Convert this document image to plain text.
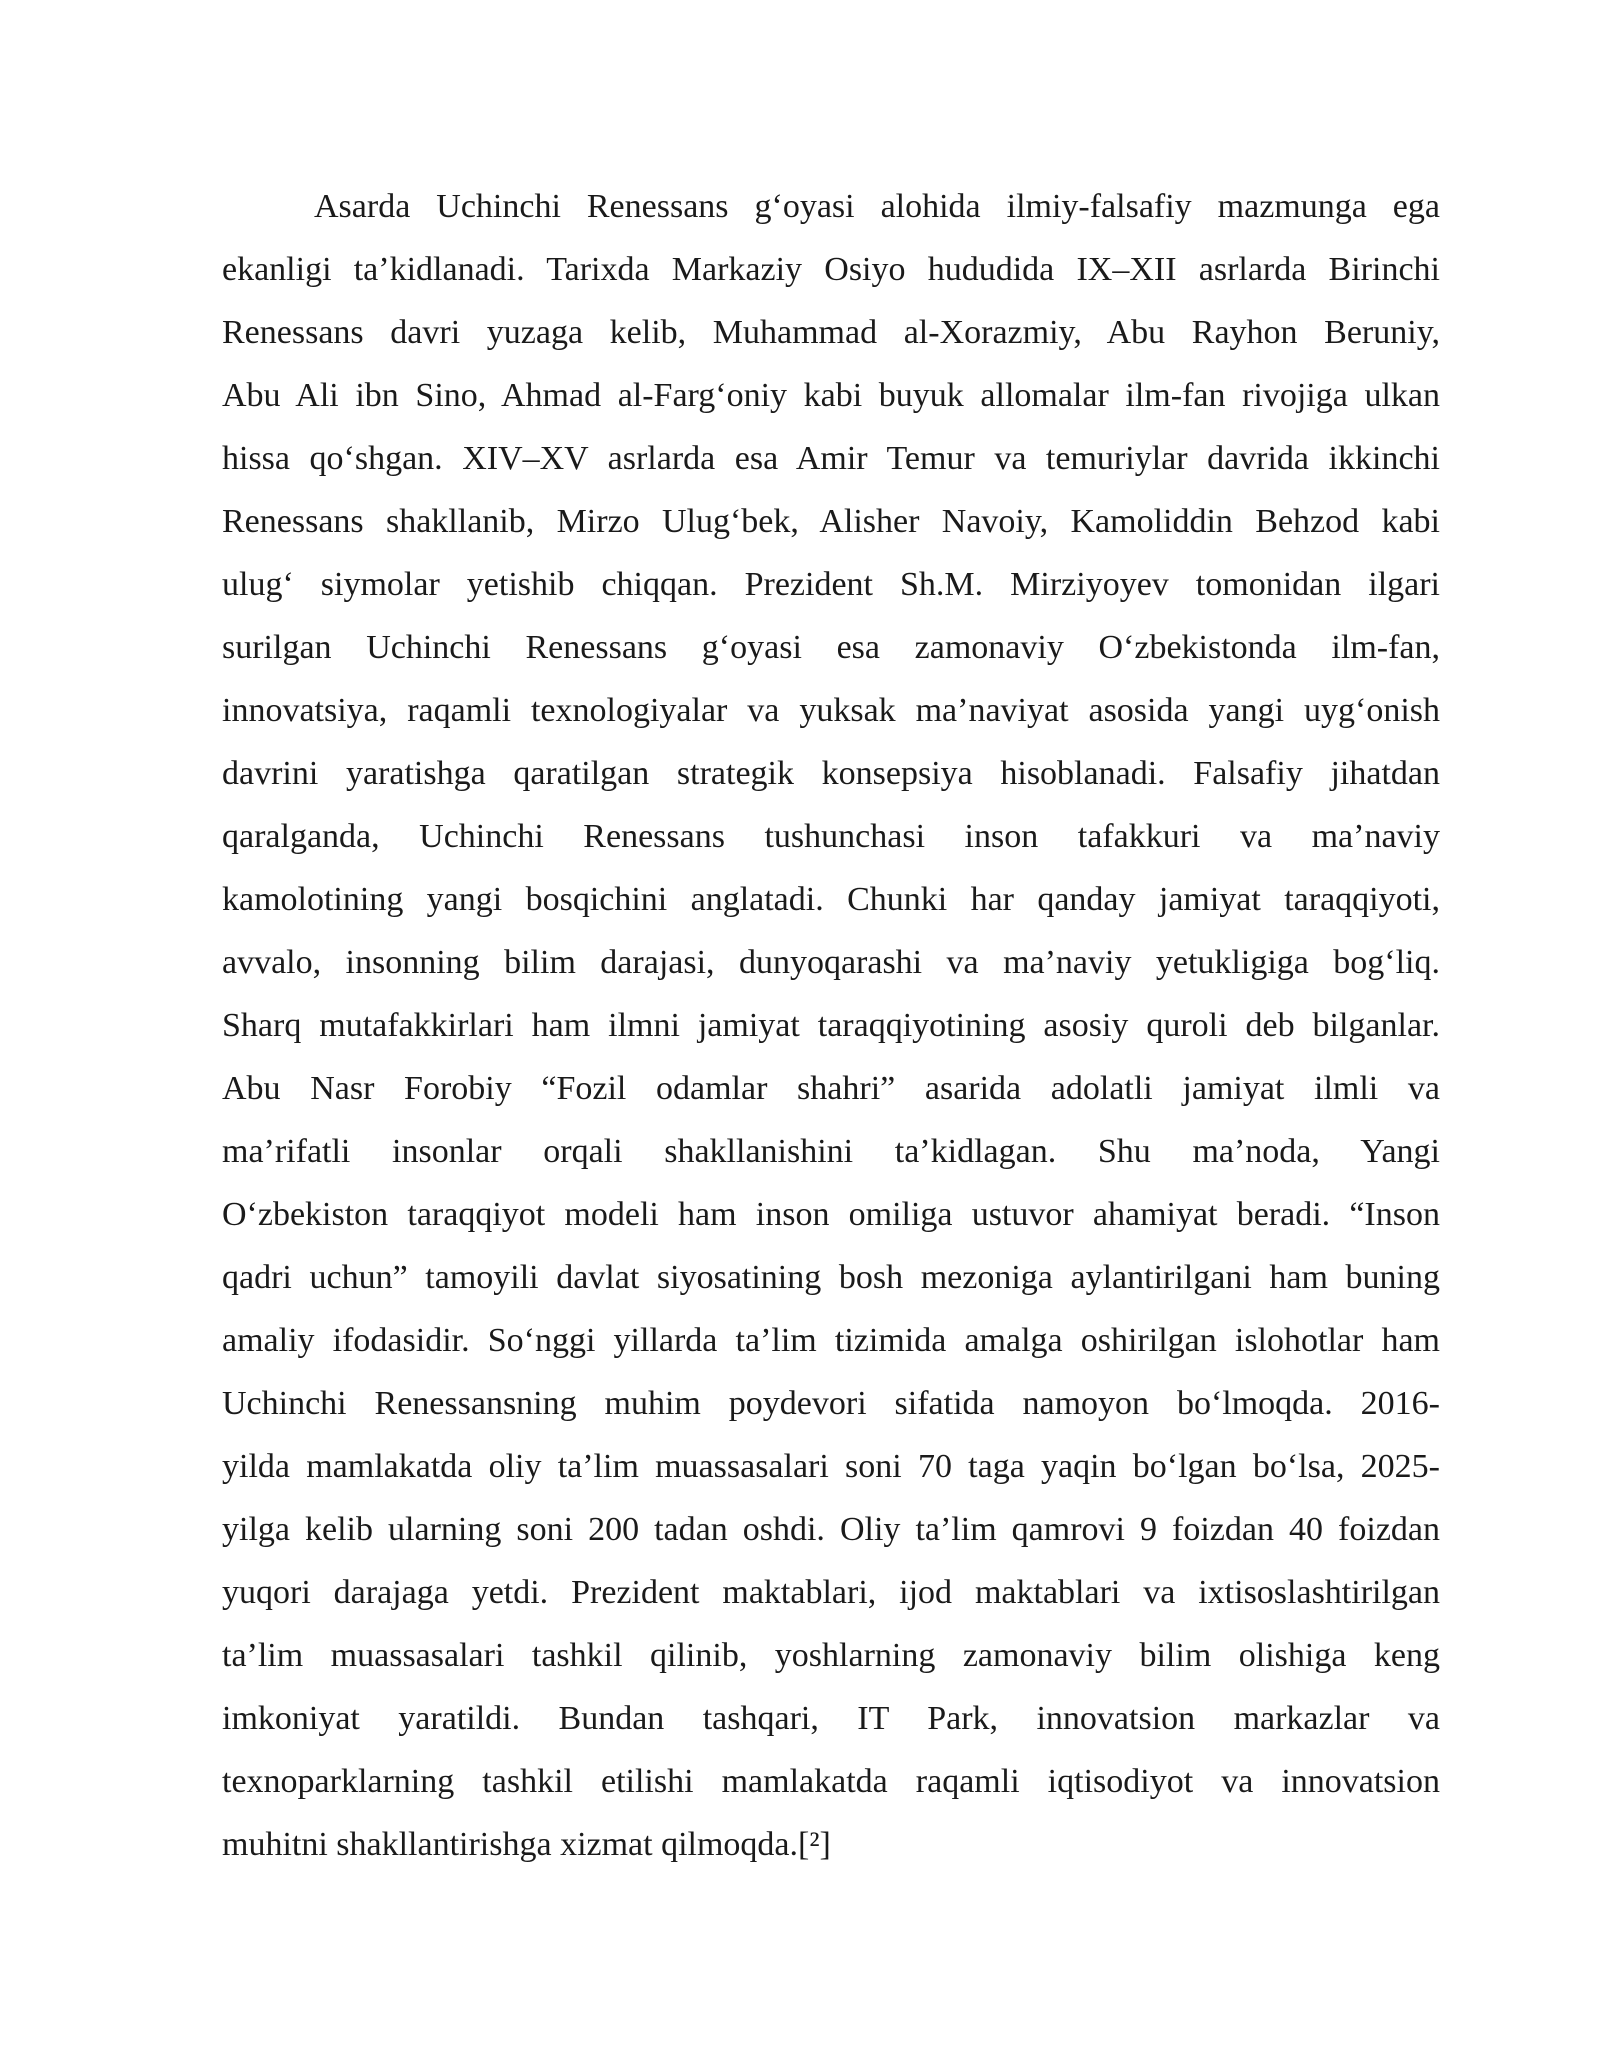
Asarda Uchinchi Renessans g‘oyasi alohida ilmiy-falsafiy mazmunga ega
ekanligi ta’kidlanadi. Tarixda Markaziy Osiyo hududida IX–XII asrlarda Birinchi
Renessans davri yuzaga kelib, Muhammad al-Xorazmiy, Abu Rayhon Beruniy,
Abu Ali ibn Sino, Ahmad al-Farg‘oniy kabi buyuk allomalar ilm-fan rivojiga ulkan
hissa qo‘shgan. XIV–XV asrlarda esa Amir Temur va temuriylar davrida ikkinchi
Renessans shakllanib, Mirzo Ulug‘bek, Alisher Navoiy, Kamoliddin Behzod kabi
ulug‘ siymolar yetishib chiqqan. Prezident Sh.M. Mirziyoyev tomonidan ilgari
surilgan Uchinchi Renessans g‘oyasi esa zamonaviy O‘zbekistonda ilm-fan,
innovatsiya, raqamli texnologiyalar va yuksak ma’naviyat asosida yangi uyg‘onish
davrini yaratishga qaratilgan strategik konsepsiya hisoblanadi. Falsafiy jihatdan
qaralganda, Uchinchi Renessans tushunchasi inson tafakkuri va ma’naviy
kamolotining yangi bosqichini anglatadi. Chunki har qanday jamiyat taraqqiyoti,
avvalo, insonning bilim darajasi, dunyoqarashi va ma’naviy yetukligiga bog‘liq.
Sharq mutafakkirlari ham ilmni jamiyat taraqqiyotining asosiy quroli deb bilganlar.
Abu Nasr Forobiy “Fozil odamlar shahri” asarida adolatli jamiyat ilmli va
ma’rifatli insonlar orqali shakllanishini ta’kidlagan. Shu ma’noda, Yangi
O‘zbekiston taraqqiyot modeli ham inson omiliga ustuvor ahamiyat beradi. “Inson
qadri uchun” tamoyili davlat siyosatining bosh mezoniga aylantirilgani ham buning
amaliy ifodasidir. So‘nggi yillarda ta’lim tizimida amalga oshirilgan islohotlar ham
Uchinchi Renessansning muhim poydevori sifatida namoyon bo‘lmoqda. 2016-
yilda mamlakatda oliy ta’lim muassasalari soni 70 taga yaqin bo‘lgan bo‘lsa, 2025-
yilga kelib ularning soni 200 tadan oshdi. Oliy ta’lim qamrovi 9 foizdan 40 foizdan
yuqori darajaga yetdi. Prezident maktablari, ijod maktablari va ixtisoslashtirilgan
ta’lim muassasalari tashkil qilinib, yoshlarning zamonaviy bilim olishiga keng
imkoniyat yaratildi. Bundan tashqari, IT Park, innovatsion markazlar va
texnoparklarning tashkil etilishi mamlakatda raqamli iqtisodiyot va innovatsion
muhitni shakllantirishga xizmat qilmoqda.[²]
